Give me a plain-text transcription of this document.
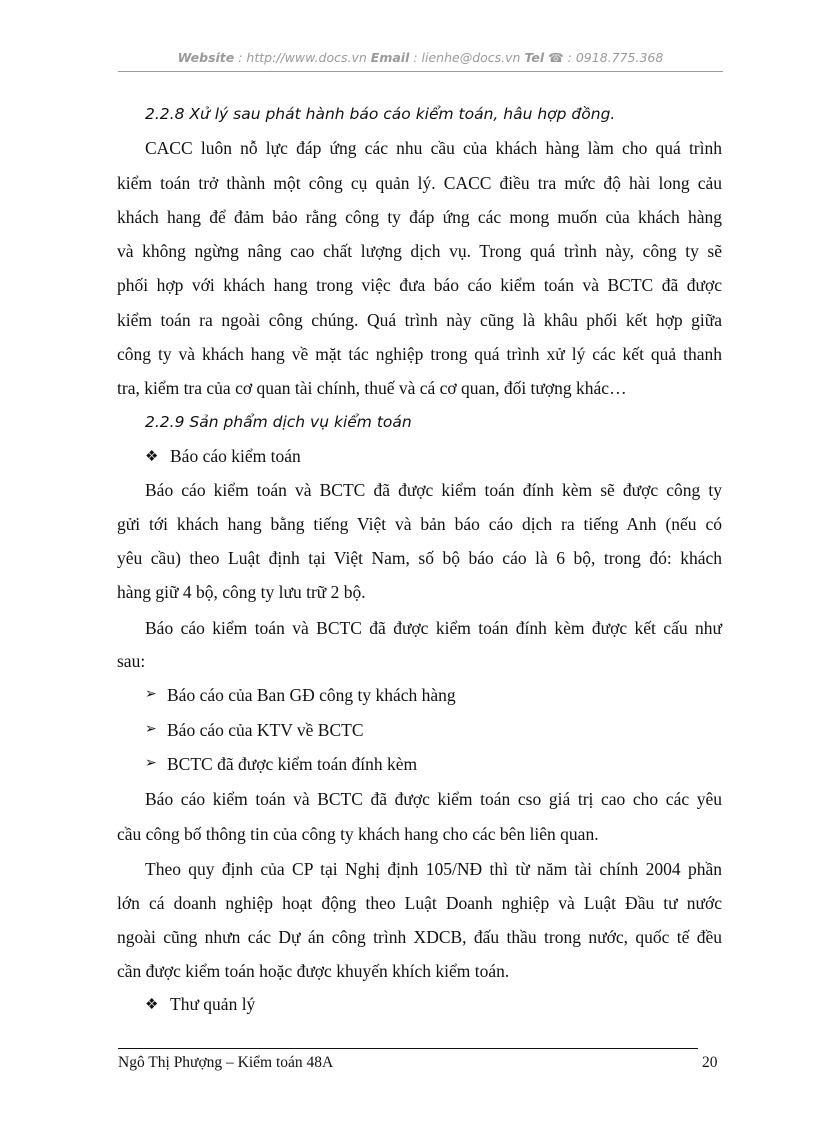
Website : http://www.docs.vn Email : lienhe@docs.vn Tel ☎ : 0918.775.368
2.2.8 Xử lý sau phát hành báo cáo kiểm toán, hâu hợp đồng.
CACC luôn nỗ lực đáp ứng các nhu cầu của khách hàng làm cho quá trình
kiểm toán trở thành một công cụ quản lý. CACC điều tra mức độ hài long cảu
khách hang để đảm bảo rằng công ty đáp ứng các mong muốn của khách hàng
và không ngừng nâng cao chất lượng dịch vụ. Trong quá trình này, công ty sẽ
phối hợp với khách hang trong việc đưa báo cáo kiểm toán và BCTC đã được
kiểm toán ra ngoài công chúng. Quá trình này cũng là khâu phối kết hợp giữa
công ty và khách hang về mặt tác nghiệp trong quá trình xử lý các kết quả thanh
tra, kiểm tra của cơ quan tài chính, thuế và cá cơ quan, đối tượng khác…
2.2.9 Sản phẩm dịch vụ kiểm toán
❖ Báo cáo kiểm toán
Báo cáo kiểm toán và BCTC đã được kiểm toán đính kèm sẽ được công ty
gửi tới khách hang bằng tiếng Việt và bản báo cáo dịch ra tiếng Anh (nếu có
yêu cầu) theo Luật định tại Việt Nam, số bộ báo cáo là 6 bộ, trong đó: khách
hàng giữ 4 bộ, công ty lưu trữ 2 bộ.
Báo cáo kiểm toán và BCTC đã được kiểm toán đính kèm được kết cấu như
sau:
➢ Báo cáo của Ban GĐ công ty khách hàng
➢ Báo cáo của KTV về BCTC
➢ BCTC đã được kiểm toán đính kèm
Báo cáo kiểm toán và BCTC đã được kiểm toán cso giá trị cao cho các yêu
cầu công bố thông tin của công ty khách hang cho các bên liên quan.
Theo quy định của CP tại Nghị định 105/NĐ thì từ năm tài chính 2004 phần
lớn cá doanh nghiệp hoạt động theo Luật Doanh nghiệp và Luật Đầu tư nước
ngoài cũng nhưn các Dự án công trình XDCB, đấu thầu trong nước, quốc tế đều
cần được kiểm toán hoặc được khuyến khích kiểm toán.
❖ Thư quản lý
Ngô Thị Phượng – Kiểm toán 48A	20
